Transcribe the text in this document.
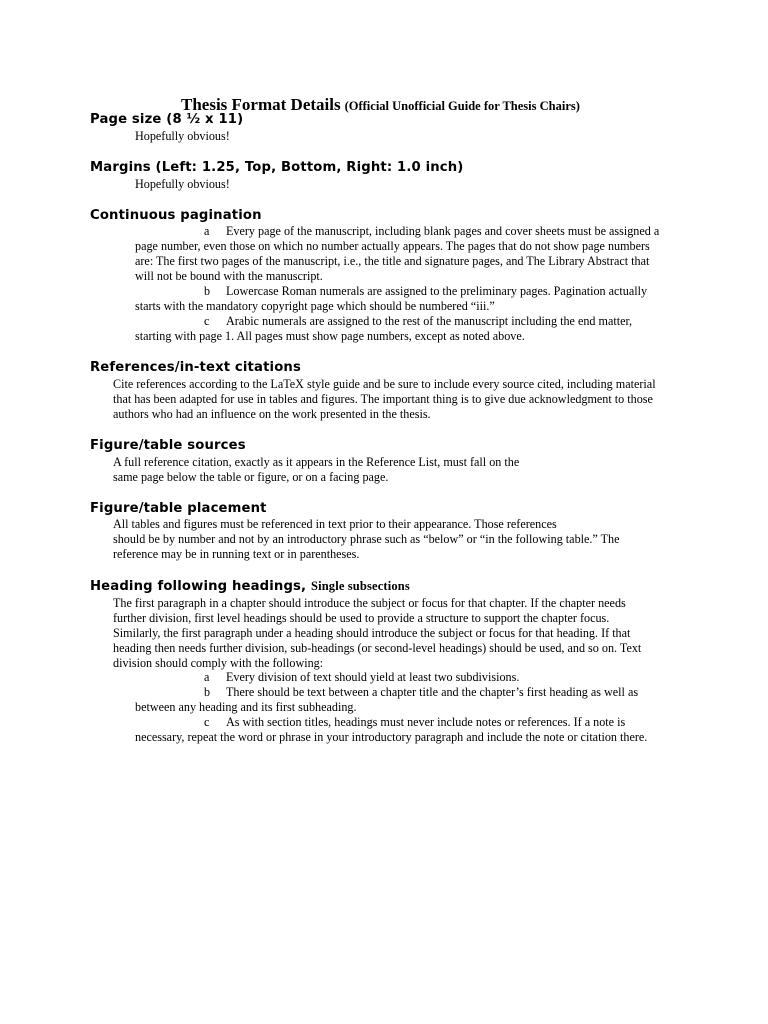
Thesis Format Details (Official Unofficial Guide for Thesis Chairs)
Page size (8 ½ x 11)
Hopefully obvious!
Margins (Left: 1.25, Top, Bottom, Right: 1.0 inch)
Hopefully obvious!
Continuous pagination
a Every page of the manuscript, including blank pages and cover sheets must be assigned a
page number, even those on which no number actually appears. The pages that do not show page numbers
are: The first two pages of the manuscript, i.e., the title and signature pages, and The Library Abstract that
will not be bound with the manuscript.
b Lowercase Roman numerals are assigned to the preliminary pages. Pagination actually
starts with the mandatory copyright page which should be numbered “iii.”
c Arabic numerals are assigned to the rest of the manuscript including the end matter,
starting with page 1. All pages must show page numbers, except as noted above.
References/in-text citations
Cite references according to the LaTeX style guide and be sure to include every source cited, including material
that has been adapted for use in tables and figures. The important thing is to give due acknowledgment to those
authors who had an influence on the work presented in the thesis.
Figure/table sources
A full reference citation, exactly as it appears in the Reference List, must fall on the
same page below the table or figure, or on a facing page.
Figure/table placement
All tables and figures must be referenced in text prior to their appearance. Those references
should be by number and not by an introductory phrase such as “below” or “in the following table.” The
reference may be in running text or in parentheses.
Heading following headings, Single subsections
The first paragraph in a chapter should introduce the subject or focus for that chapter. If the chapter needs
further division, first level headings should be used to provide a structure to support the chapter focus.
Similarly, the first paragraph under a heading should introduce the subject or focus for that heading. If that
heading then needs further division, sub-headings (or second-level headings) should be used, and so on. Text
division should comply with the following:
a Every division of text should yield at least two subdivisions.
b There should be text between a chapter title and the chapter’s first heading as well as
between any heading and its first subheading.
c As with section titles, headings must never include notes or references. If a note is
necessary, repeat the word or phrase in your introductory paragraph and include the note or citation there.
